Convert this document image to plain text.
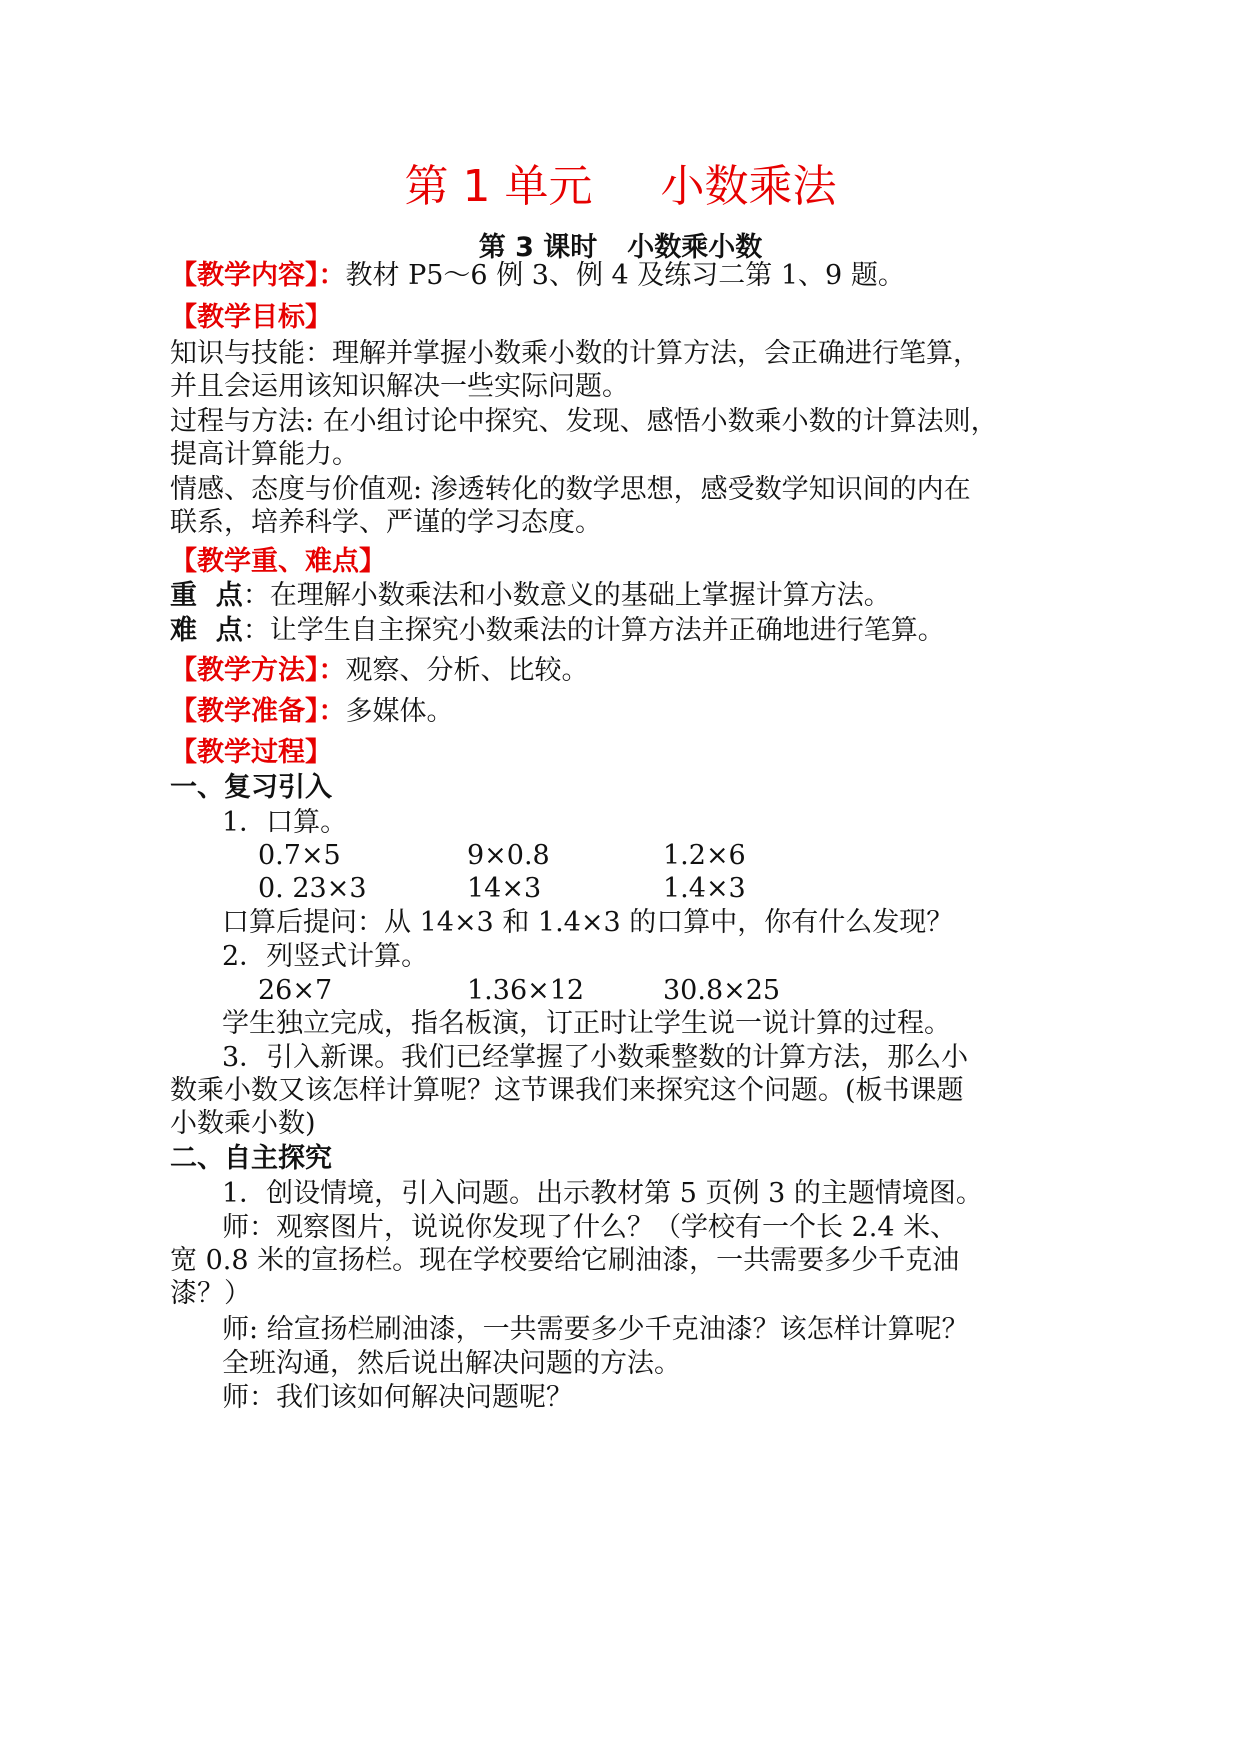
第 1 单元 小数乘法
第 3 课时 小数乘小数
【教学内容】：教材 P5～6 例 3、例 4 及练习二第 1、9 题。
【教学目标】
知识与技能：理解并掌握小数乘小数的计算方法，会正确进行笔算，
并且会运用该知识解决一些实际问题。
过程与方法: 在小组讨论中探究、发现、感悟小数乘小数的计算法则，
提高计算能力。
情感、态度与价值观: 渗透转化的数学思想，感受数学知识间的内在
联系，培养科学、严谨的学习态度。
【教学重、难点】
重  点：在理解小数乘法和小数意义的基础上掌握计算方法。
难  点：让学生自主探究小数乘法的计算方法并正确地进行笔算。
【教学方法】：观察、分析、比较。
【教学准备】：多媒体。
【教学过程】
一、复习引入
1．口算。
0.7×5	9×0.8	1.2×6
0. 23×3	14×3	1.4×3
口算后提问：从 14×3 和 1.4×3 的口算中，你有什么发现？
2．列竖式计算。
26×7	1.36×12	30.8×25
学生独立完成，指名板演，订正时让学生说一说计算的过程。
3．引入新课。我们已经掌握了小数乘整数的计算方法，那么小
数乘小数又该怎样计算呢？这节课我们来探究这个问题。(板书课题
小数乘小数)
二、自主探究
1．创设情境，引入问题。出示教材第 5 页例 3 的主题情境图。
师：观察图片，说说你发现了什么？（学校有一个长 2.4 米、
宽 0.8 米的宣扬栏。现在学校要给它刷油漆，一共需要多少千克油
漆？）
师: 给宣扬栏刷油漆，一共需要多少千克油漆？该怎样计算呢？
全班沟通，然后说出解决问题的方法。
师：我们该如何解决问题呢？
